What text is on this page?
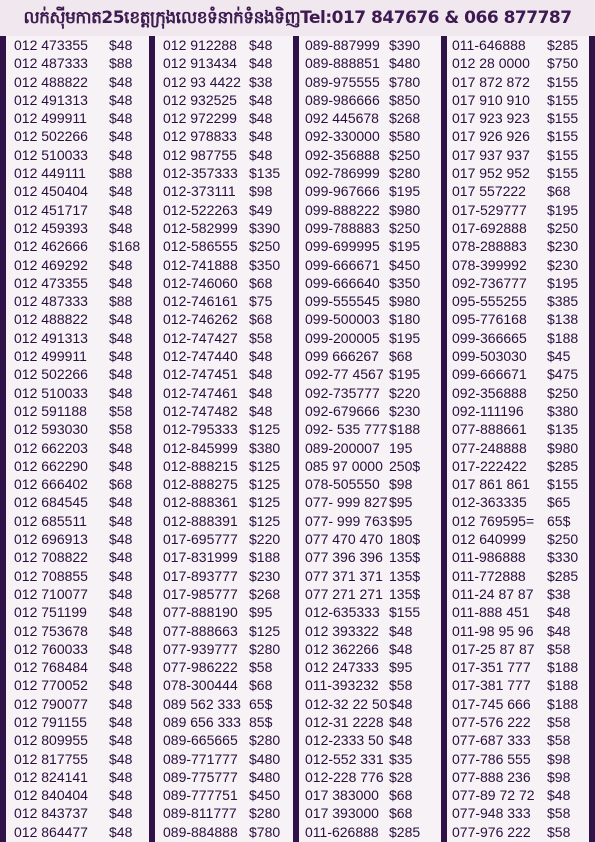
លក់ស៊ីមកាត25ខេត្តក្រុងលេខទំនាក់ទំនងទិញTel:017 847676 & 066 877787
012 473355 $48
012 487333 $88
012 488822 $48
012 491313 $48
012 499911 $48
012 502266 $48
012 510033 $48
012 449111 $88
012 450404 $48
012 451717 $48
012 459393 $48
012 462666 $168
012 469292 $48
012 473355 $48
012 487333 $88
012 488822 $48
012 491313 $48
012 499911 $48
012 502266 $48
012 510033 $48
012 591188 $58
012 593030 $58
012 662203 $48
012 662290 $48
012 666402 $68
012 684545 $48
012 685511 $48
012 696913 $48
012 708822 $48
012 708855 $48
012 710077 $48
012 751199 $48
012 753678 $48
012 760033 $48
012 768484 $48
012 770052 $48
012 790077 $48
012 791155 $48
012 809955 $48
012 817755 $48
012 824141 $48
012 840404 $48
012 843737 $48
012 864477 $48
012 912288 $48
012 913434 $48
012 93 4422 $38
012 932525 $48
012 972299 $48
012 978833 $48
012 987755 $48
012-357333 $135
012-373111 $98
012-522263 $49
012-582999 $390
012-586555 $250
012-741888 $350
012-746060 $68
012-746161 $75
012-746262 $68
012-747427 $58
012-747440 $48
012-747451 $48
012-747461 $48
012-747482 $48
012-795333 $125
012-845999 $380
012-888215 $125
012-888275 $125
012-888361 $125
012-888391 $125
017-695777 $220
017-831999 $188
017-893777 $230
017-985777 $268
077-888190 $95
077-888663 $125
077-939777 $280
077-986222 $58
078-300444 $68
089 562 333 65$
089 656 333 85$
089-665665 $280
089-771777 $480
089-775777 $480
089-777751 $450
089-811777 $280
089-884888 $780
089-887999 $390
089-888851 $480
089-975555 $780
089-986666 $850
092 445678 $268
092-330000 $580
092-356888 $250
092-786999 $280
099-967666 $195
099-888222 $980
099-788883 $250
099-699995 $195
099-666671 $450
099-666640 $350
099-555545 $980
099-500003 $180
099-200005 $195
099 666267 $68
092-77 4567 $195
092-735777 $220
092-679666 $230
092- 535 777 $188
089-200007 195
085 97 0000 250$
078-505550 $98
077- 999 827 $95
077- 999 763 $95
077 470 470 180$
077 396 396 135$
077 371 371 135$
077 271 271 135$
012-635333 $155
012 393322 $48
012 362266 $48
012 247333 $95
011-393232 $58
012-32 22 50 $48
012-31 2228 $48
012-2333 50 $48
012-552 331 $35
012-228 776 $28
017 383000 $68
017 393000 $68
011-626888 $285
011-646888 $285
012 28 0000 $750
017 872 872 $155
017 910 910 $155
017 923 923 $155
017 926 926 $155
017 937 937 $155
017 952 952 $155
017 557222 $68
017-529777 $195
017-692888 $250
078-288883 $230
078-399992 $230
092-736777 $195
095-555255 $385
095-776168 $138
099-366665 $188
099-503030 $45
099-666671 $475
092-356888 $250
092-111196 $380
077-888661 $135
077-248888 $980
017-222422 $285
017 861 861 $155
012-363335 $65
012 769595= 65$
012 640999 $250
011-986888 $330
011-772888 $285
011-24 87 87 $38
011-888 451 $48
011-98 95 96 $48
017-25 87 87 $58
017-351 777 $188
017-381 777 $188
017-745 666 $188
077-576 222 $58
077-687 333 $58
077-786 555 $98
077-888 236 $98
077-89 72 72 $48
077-948 333 $58
077-976 222 $58
